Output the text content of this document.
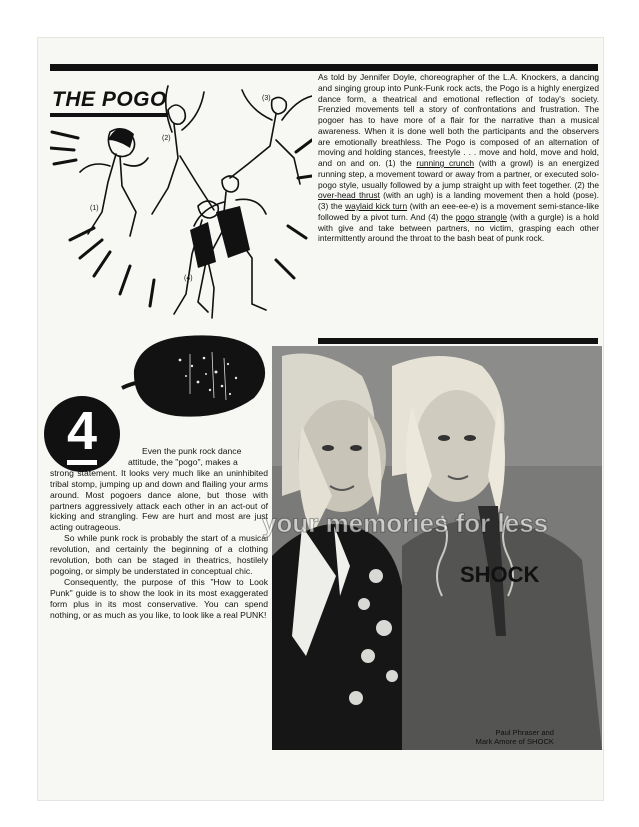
(1)
(2)
(3)
(4)
THE POGO

As told by Jennifer Doyle, choreographer of the L.A. Knockers, a dancing and singing group into Punk-Funk rock acts, the Pogo is a highly energized dance form, a theatrical and emotional reflection of today's society. Frenzied movements tell a story of confrontations and frustration. The pogoer has to have more of a flair for the narrative than a musical awareness. When it is done well both the participants and the observers are emotionally breathless. The Pogo is composed of an alternation of moving and holding stances, freestyle . . . move and hold, move and hold, and on and on. (1) the running crunch (with a growl) is an energized running step, a movement toward or away from a partner, or executed solo-pogo style, usually followed by a jump straight up with feet together. (2) the over-head thrust (with an ugh) is a landing movement then a hold (pose). (3) the waylaid kick turn (with an eee-ee-e) is a movement semi-stance-like followed by a pivot turn. And (4) the pogo strangle (with a gurgle) is a hold with give and take between partners, no victim, grasping each other intermittently around the throat to the bash beat of punk rock.

4	Even the punk rock dance
attitude, the "pogo", makes a
strong statement. It looks very much like an uninhibited tribal stomp, jumping up and down and flailing your arms around. Most pogoers dance alone, but those with partners aggressively attack each other in an act-out of kicking and strangling. Few are hurt and most are just acting outrageous.

So while punk rock is probably the start of a musical revolution, and certainly the beginning of a clothing revolution, both can be staged in theatrics, hostilely pogoing, or simply be understated in conceptual chic.

Consequently, the purpose of this "How to Look Punk" guide is to show the look in its most exaggerated form plus in its most conservative. You can spend nothing, or as much as you like, to look like a real PUNK!

SHOCK
your memories for less

Paul Phraser and
Mark Amore of SHOCK
